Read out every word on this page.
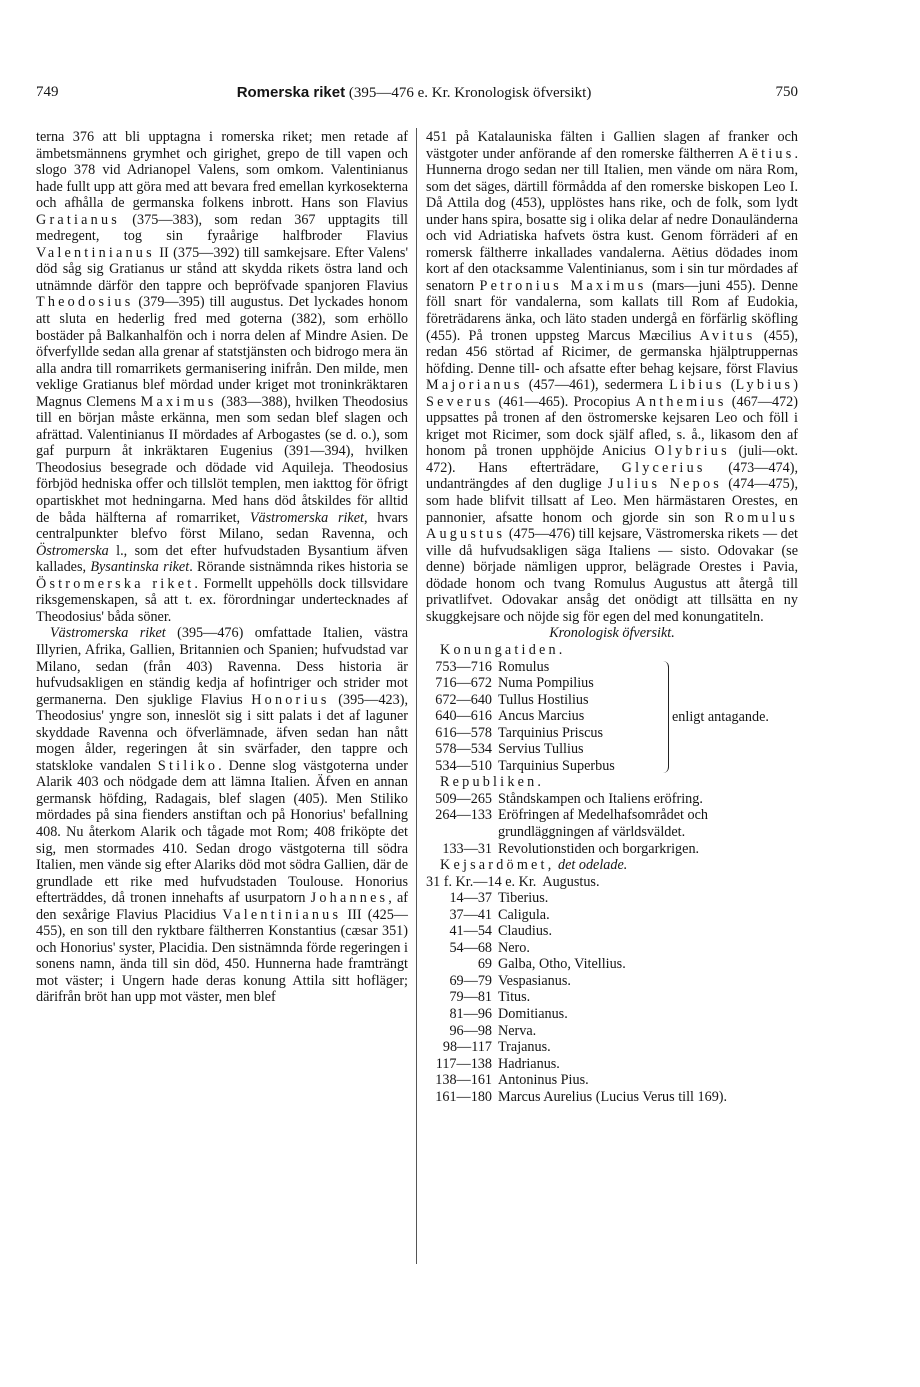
749	Romerska riket (395—476 e. Kr. Kronologisk öfversikt)	750

terna 376 att bli upptagna i romerska riket; men retade af ämbetsmännens grymhet och girighet, grepo de till vapen och slogo 378 vid Adrianopel Valens, som omkom. Valentinianus hade fullt upp att göra med att bevara fred emellan kyrkosekterna och afhålla de germanska folkens inbrott. Hans son Flavius Gratianus (375—383), som redan 367 upptagits till medregent, tog sin fyraårige halfbroder Flavius Valentinianus II (375—392) till samkejsare. Efter Valens' död såg sig Gratianus ur stånd att skydda rikets östra land och utnämnde därför den tappre och bepröfvade spanjoren Flavius Theodosius (379—395) till augustus. Det lyckades honom att sluta en hederlig fred med goterna (382), som erhöllo bostäder på Balkanhalfön och i norra delen af Mindre Asien. De öfverfyllde sedan alla grenar af statstjänsten och bidrogo mera än alla andra till romarrikets germanisering inifrån. Den milde, men veklige Gratianus blef mördad under kriget mot troninkräktaren Magnus Clemens Maximus (383—388), hvilken Theodosius till en början måste erkänna, men som sedan blef slagen och afrättad. Valentinianus II mördades af Arbogastes (se d. o.), som gaf purpurn åt inkräktaren Eugenius (391—394), hvilken Theodosius besegrade och dödade vid Aquileja. Theodosius förbjöd hedniska offer och tillslöt templen, men iakttog för öfrigt opartiskhet mot hedningarna. Med hans död åtskildes för alltid de båda hälfterna af romarriket, Västromerska riket, hvars centralpunkter blefvo först Milano, sedan Ravenna, och Östromerska l., som det efter hufvudstaden Bysantium äfven kallades, Bysantinska riket. Rörande sistnämnda rikes historia se Östromerska riket. Formellt uppehölls dock tillsvidare riksgemenskapen, så att t. ex. förordningar undertecknades af Theodosius' båda söner.

Västromerska riket (395—476) omfattade Italien, västra Illyrien, Afrika, Gallien, Britannien och Spanien; hufvudstad var Milano, sedan (från 403) Ravenna. Dess historia är hufvudsakligen en ständig kedja af hofintriger och strider mot germanerna. Den sjuklige Flavius Honorius (395—423), Theodosius' yngre son, inneslöt sig i sitt palats i det af laguner skyddade Ravenna och öfverlämnade, äfven sedan han nått mogen ålder, regeringen åt sin svärfader, den tappre och statskloke vandalen Stiliko. Denne slog västgoterna under Alarik 403 och nödgade dem att lämna Italien. Äfven en annan germansk höfding, Radagais, blef slagen (405). Men Stiliko mördades på sina fienders anstiftan och på Honorius' befallning 408. Nu återkom Alarik och tågade mot Rom; 408 friköpte det sig, men stormades 410. Sedan drogo västgoterna till södra Italien, men vände sig efter Alariks död mot södra Gallien, där de grundlade ett rike med hufvudstaden Toulouse. Honorius efterträddes, då tronen innehafts af usurpatorn Johannes, af den sexårige Flavius Placidius Valentinianus III (425—455), en son till den ryktbare fältherren Konstantius (cæsar 351) och Honorius' syster, Placidia. Den sistnämnda förde regeringen i sonens namn, ända till sin död, 450. Hunnerna hade framträngt mot väster; i Ungern hade deras konung Attila sitt hofläger; därifrån bröt han upp mot väster, men blef

451 på Katalauniska fälten i Gallien slagen af franker och västgoter under anförande af den romerske fältherren Aëtius. Hunnerna drogo sedan ner till Italien, men vände om nära Rom, som det säges, därtill förmådda af den romerske biskopen Leo I. Då Attila dog (453), upplöstes hans rike, och de folk, som lydt under hans spira, bosatte sig i olika delar af nedre Donauländerna och vid Adriatiska hafvets östra kust. Genom förräderi af en romersk fältherre inkallades vandalerna. Aëtius dödades inom kort af den otacksamme Valentinianus, som i sin tur mördades af senatorn Petronius Maximus (mars—juni 455). Denne föll snart för vandalerna, som kallats till Rom af Eudokia, företrädarens änka, och läto staden undergå en förfärlig sköfling (455). På tronen uppsteg Marcus Mæcilius Avitus (455), redan 456 störtad af Ricimer, de germanska hjälptruppernas höfding. Denne till- och afsatte efter behag kejsare, först Flavius Majorianus (457—461), sedermera Libius (Lybius) Severus (461—465). Procopius Anthemius (467—472) uppsattes på tronen af den östromerske kejsaren Leo och föll i kriget mot Ricimer, som dock själf afled, s. å., likasom den af honom på tronen upphöjde Anicius Olybrius (juli—okt. 472). Hans efterträdare, Glycerius (473—474), undanträngdes af den duglige Julius Nepos (474—475), som hade blifvit tillsatt af Leo. Men härmästaren Orestes, en pannonier, afsatte honom och gjorde sin son Romulus Augustus (475—476) till kejsare, Västromerska rikets — det ville då hufvudsakligen säga Italiens — sisto. Odovakar (se denne) började nämligen uppror, belägrade Orestes i Pavia, dödade honom och tvang Romulus Augustus att återgå till privatlifvet. Odovakar ansåg det onödigt att tillsätta en ny skuggkejsare och nöjde sig för egen del med konungatiteln.

Kronologisk öfversikt.

Konungatiden.

753—716 Romulus
716—672 Numa Pompilius
672—640 Tullus Hostilius
640—616 Ancus Marcius
616—578 Tarquinius Priscus
578—534 Servius Tullius
534—510 Tarquinius Superbus
enligt antagande.

Republiken.

509—265 Ståndskampen och Italiens eröfring.
264—133 Eröfringen af Medelhafsområdet och
grundläggningen af världsväldet.
133—31 Revolutionstiden och borgarkrigen.

Kejsardömet, det odelade.

31 f. Kr.—14 e. Kr. Augustus.
14—37 Tiberius.
37—41 Caligula.
41—54 Claudius.
54—68 Nero.
69 Galba, Otho, Vitellius.
69—79 Vespasianus.
79—81 Titus.
81—96 Domitianus.
96—98 Nerva.
98—117 Trajanus.
117—138 Hadrianus.
138—161 Antoninus Pius.
161—180 Marcus Aurelius (Lucius Verus till 169).
